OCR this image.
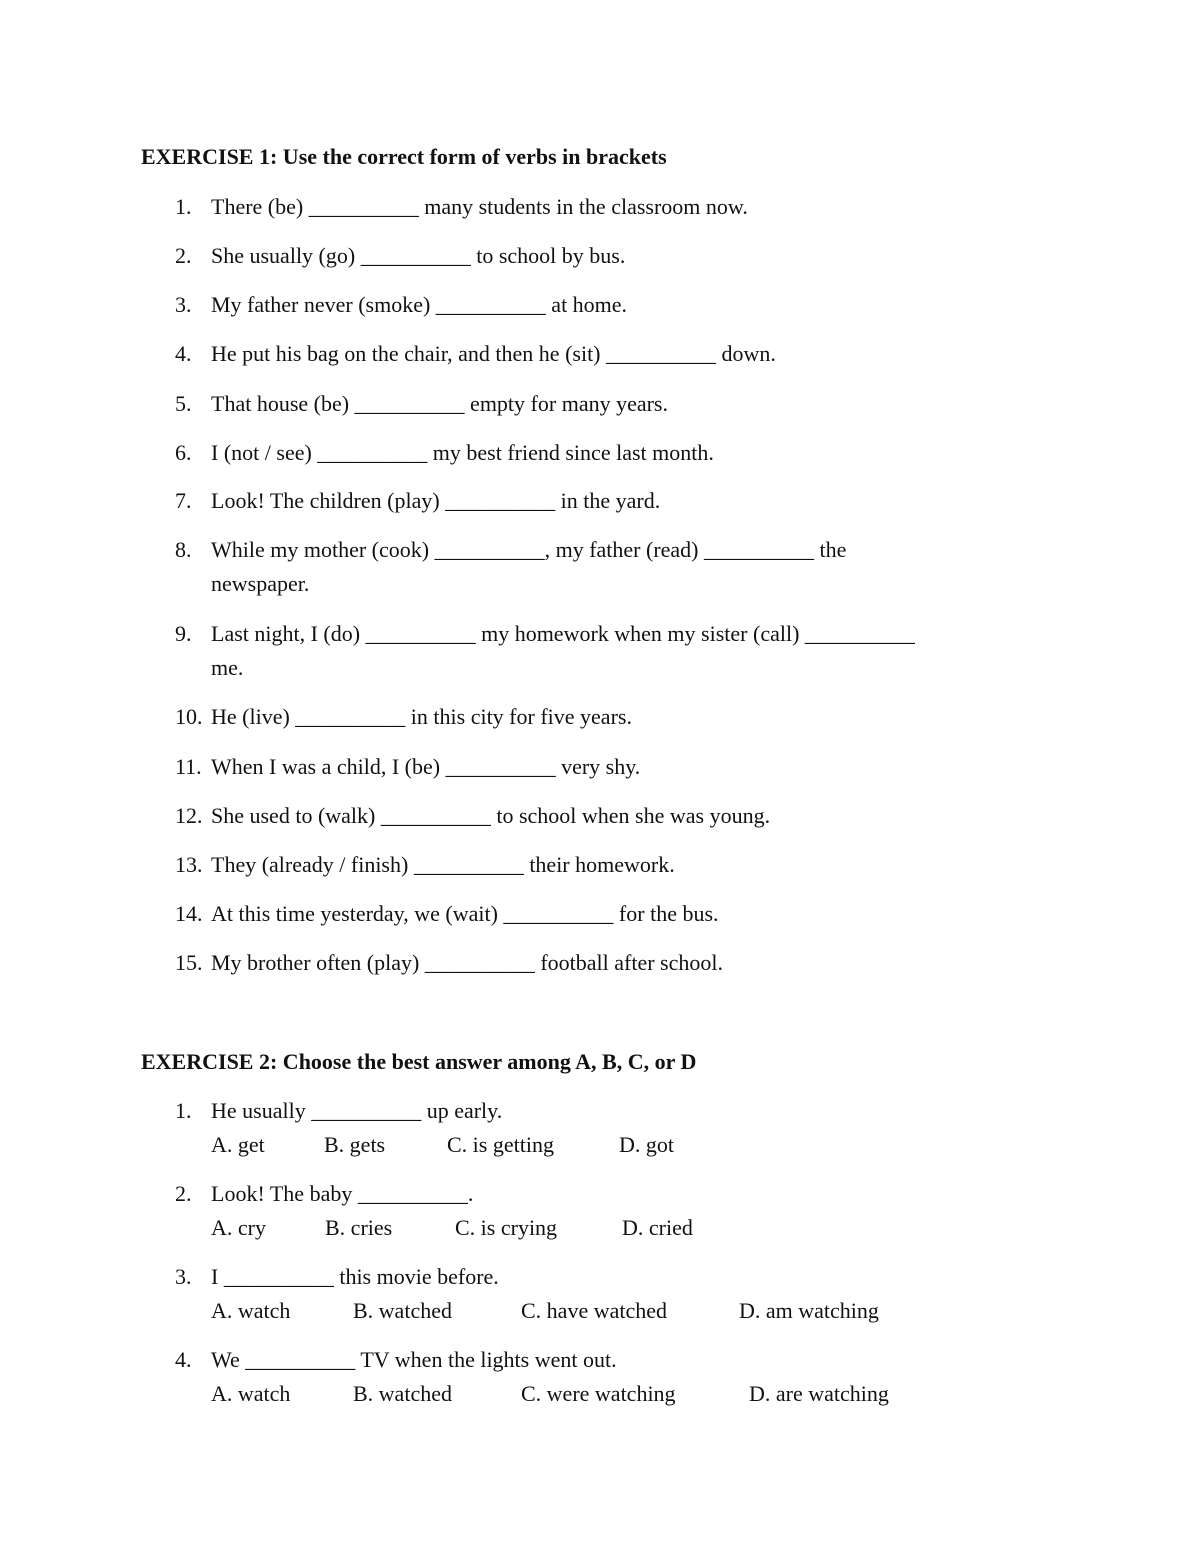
EXERCISE 1: Use the correct form of verbs in brackets
1. There (be) __________ many students in the classroom now.
2. She usually (go) __________ to school by bus.
3. My father never (smoke) __________ at home.
4. He put his bag on the chair, and then he (sit) __________ down.
5. That house (be) __________ empty for many years.
6. I (not / see) __________ my best friend since last month.
7. Look! The children (play) __________ in the yard.
8. While my mother (cook) __________, my father (read) __________ the
newspaper.
9. Last night, I (do) __________ my homework when my sister (call) __________
me.
10. He (live) __________ in this city for five years.
11. When I was a child, I (be) __________ very shy.
12. She used to (walk) __________ to school when she was young.
13. They (already / finish) __________ their homework.
14. At this time yesterday, we (wait) __________ for the bus.
15. My brother often (play) __________ football after school.
EXERCISE 2: Choose the best answer among A, B, C, or D
1. He usually __________ up early.
A. get	B. gets	C. is getting	D. got
2. Look! The baby __________.
A. cry	B. cries	C. is crying	D. cried
3. I __________ this movie before.
A. watch	B. watched	C. have watched	D. am watching
4. We __________ TV when the lights went out.
A. watch	B. watched	C. were watching	D. are watching
